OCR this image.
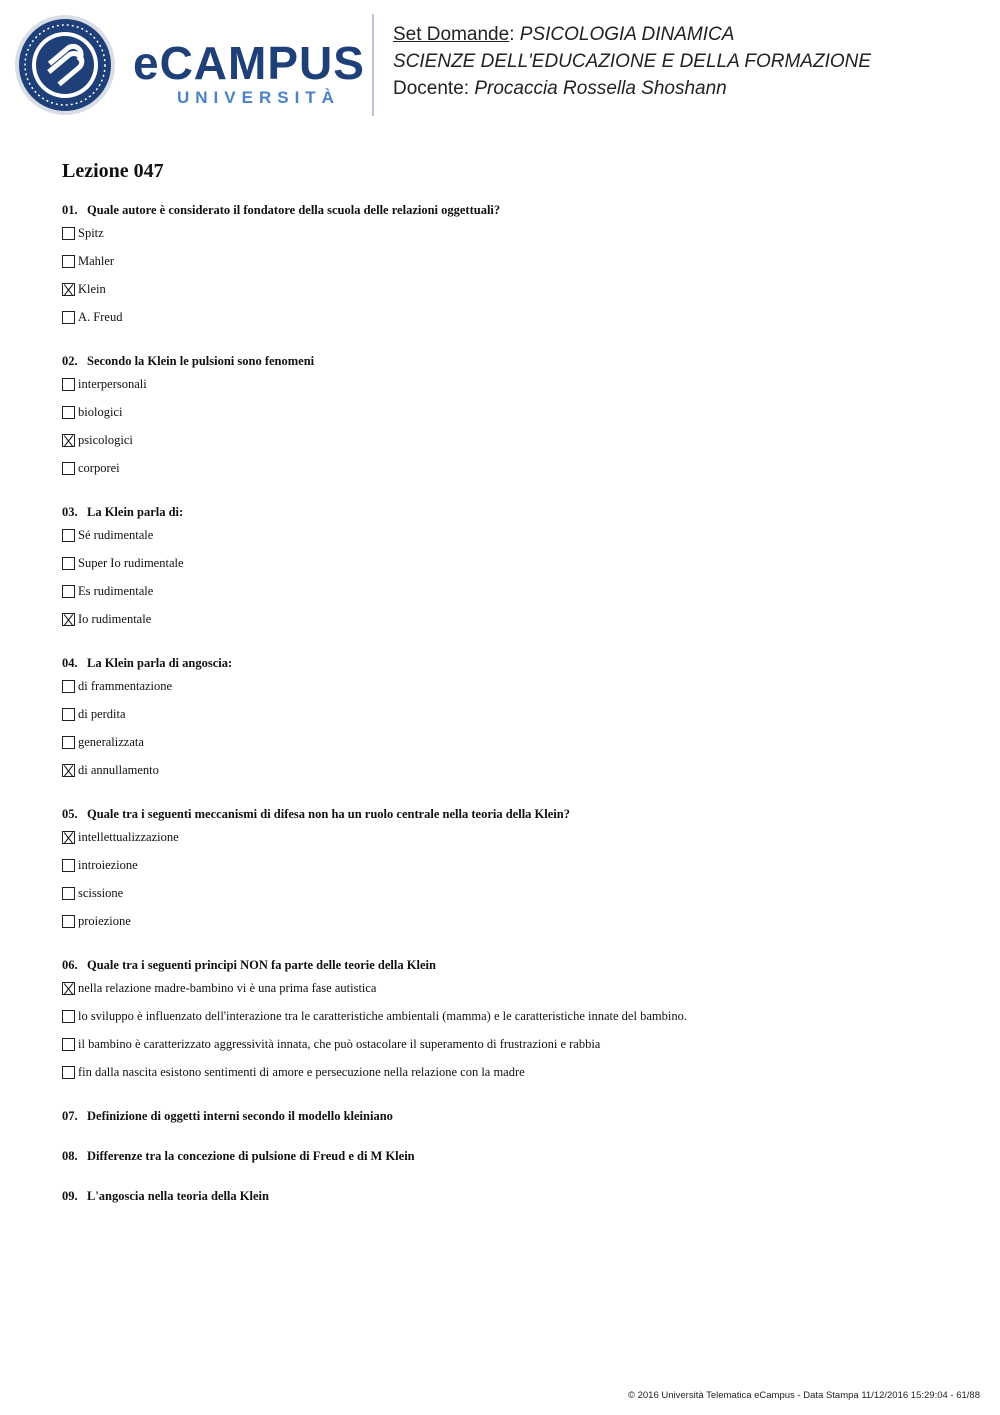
eCAMPUS
UNIVERSITÀ
Set Domande: PSICOLOGIA DINAMICA
SCIENZE DELL'EDUCAZIONE E DELLA FORMAZIONE
Docente: Procaccia Rossella Shoshann
Lezione 047
01. Quale autore è considerato il fondatore della scuola delle relazioni oggettuali?
Spitz
Mahler
Klein
A. Freud
02. Secondo la Klein le pulsioni sono fenomeni
interpersonali
biologici
psicologici
corporei
03. La Klein parla di:
Sé rudimentale
Super Io rudimentale
Es rudimentale
Io rudimentale
04. La Klein parla di angoscia:
di frammentazione
di perdita
generalizzata
di annullamento
05. Quale tra i seguenti meccanismi di difesa non ha un ruolo centrale nella teoria della Klein?
intellettualizzazione
introiezione
scissione
proiezione
06. Quale tra i seguenti principi NON fa parte delle teorie della Klein
nella relazione madre-bambino vi è una prima fase autistica
lo sviluppo è influenzato dell'interazione tra le caratteristiche ambientali (mamma) e le caratteristiche innate del bambino.
il bambino è caratterizzato aggressività innata, che può ostacolare il superamento di frustrazioni e rabbia
fin dalla nascita esistono sentimenti di amore e persecuzione nella relazione con la madre
07. Definizione di oggetti interni secondo il modello kleiniano
08. Differenze tra la concezione di pulsione di Freud e di M Klein
09. L'angoscia nella teoria della Klein
© 2016 Università Telematica eCampus - Data Stampa 11/12/2016 15:29:04 - 61/88
